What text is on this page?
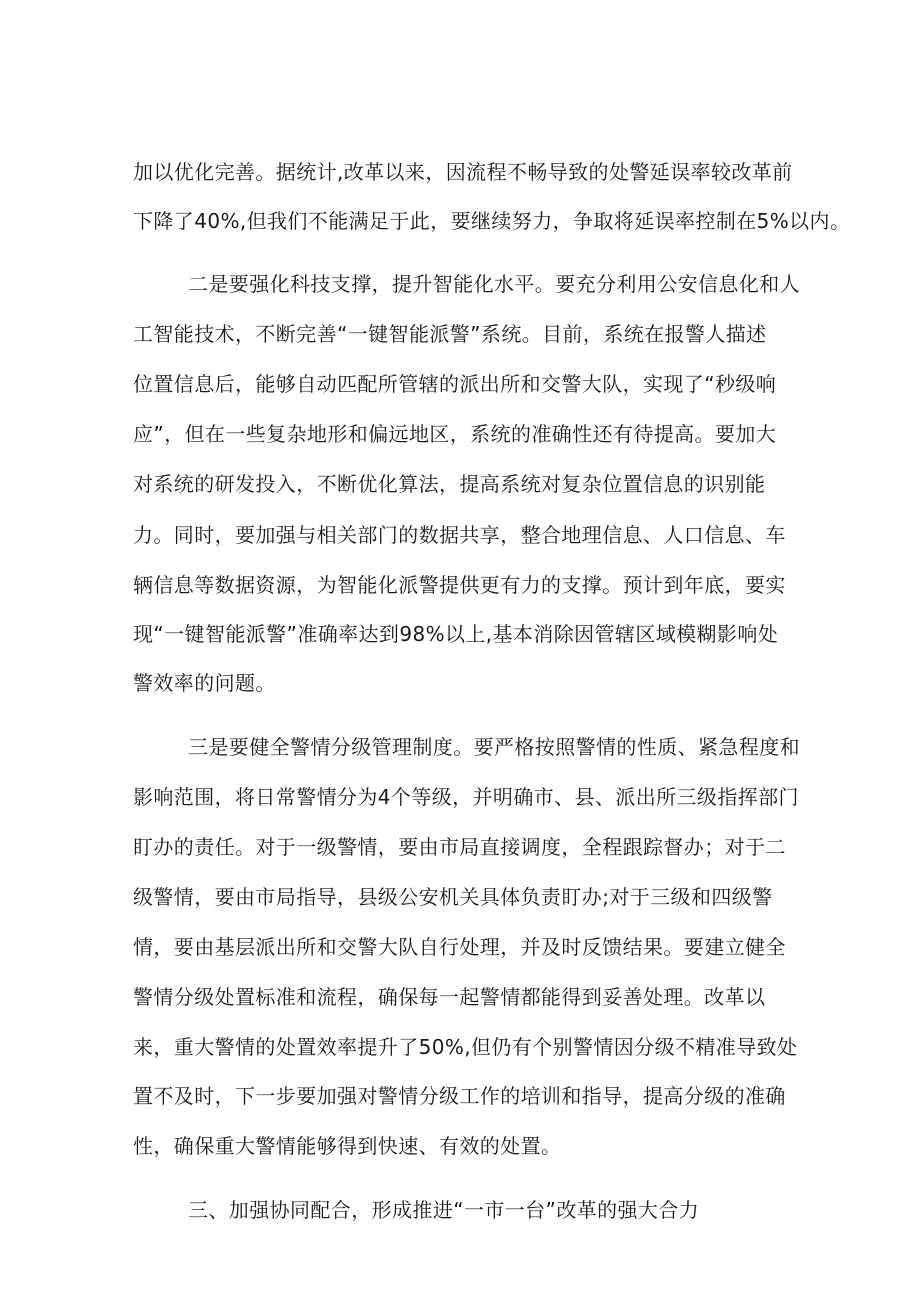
加以优化完善。据统计,改革以来，因流程不畅导致的处警延误率较改革前
下降了40%,但我们不能满足于此，要继续努力，争取将延误率控制在5%以内。
二是要强化科技支撑，提升智能化水平。要充分利用公安信息化和人
工智能技术，不断完善“一键智能派警”系统。目前，系统在报警人描述
位置信息后，能够自动匹配所管辖的派出所和交警大队，实现了“秒级响
应”，但在一些复杂地形和偏远地区，系统的准确性还有待提高。要加大
对系统的研发投入，不断优化算法，提高系统对复杂位置信息的识别能
力。同时，要加强与相关部门的数据共享，整合地理信息、人口信息、车
辆信息等数据资源，为智能化派警提供更有力的支撑。预计到年底，要实
现“一键智能派警”准确率达到98%以上,基本消除因管辖区域模糊影响处
警效率的问题。
三是要健全警情分级管理制度。要严格按照警情的性质、紧急程度和
影响范围，将日常警情分为4个等级，并明确市、县、派出所三级指挥部门
盯办的责任。对于一级警情，要由市局直接调度，全程跟踪督办；对于二
级警情，要由市局指导，县级公安机关具体负责盯办;对于三级和四级警
情，要由基层派出所和交警大队自行处理，并及时反馈结果。要建立健全
警情分级处置标准和流程，确保每一起警情都能得到妥善处理。改革以
来，重大警情的处置效率提升了50%,但仍有个别警情因分级不精准导致处
置不及时，下一步要加强对警情分级工作的培训和指导，提高分级的准确
性，确保重大警情能够得到快速、有效的处置。
三、加强协同配合，形成推进“一市一台”改革的强大合力
